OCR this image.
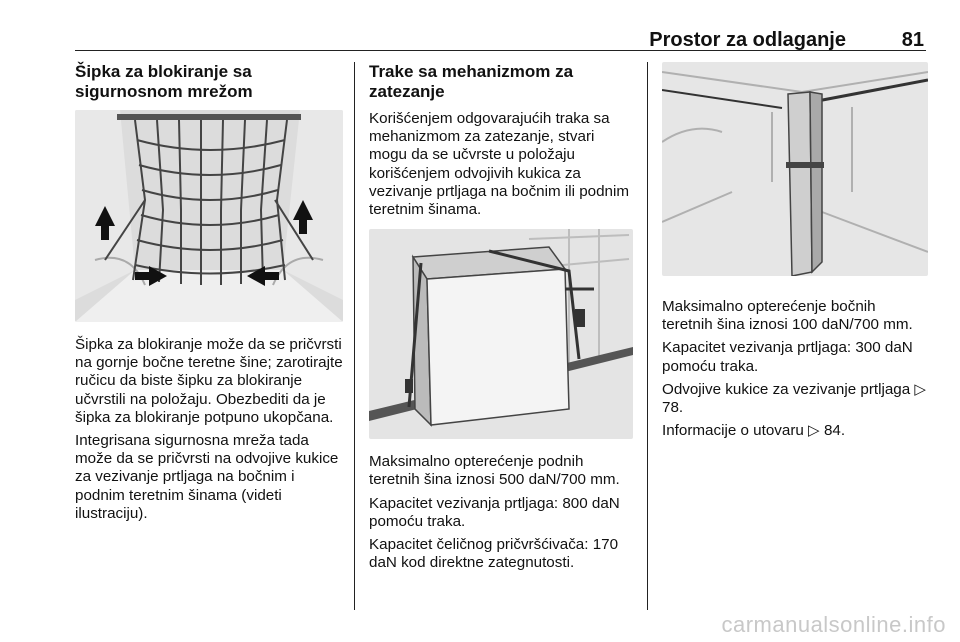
Prostor za odlaganje	81
Šipka za blokiranje sa sigurnosnom mrežom
Šipka za blokiranje može da se pričvrsti na gornje bočne teretne šine; zarotirajte ručicu da biste šipku za blokiranje učvrstili na položaju. Obezbediti da je šipka za blokiranje potpuno ukopčana.
Integrisana sigurnosna mreža tada može da se pričvrsti na odvojive kukice za vezivanje prtljaga na bočnim i podnim teretnim šinama (videti ilustraciju).
Trake sa mehanizmom za zatezanje
Korišćenjem odgovarajućih traka sa mehanizmom za zatezanje, stvari mogu da se učvrste u položaju korišćenjem odvojivih kukica za vezivanje prtljaga na bočnim ili podnim teretnim šinama.
Maksimalno opterećenje podnih teretnih šina iznosi 500 daN/700 mm.
Kapacitet vezivanja prtljaga: 800 daN pomoću traka.
Kapacitet čeličnog pričvršćivača: 170 daN kod direktne zategnutosti.
Maksimalno opterećenje bočnih teretnih šina iznosi 100 daN/700 mm.
Kapacitet vezivanja prtljaga: 300 daN pomoću traka.
Odvojive kukice za vezivanje prtljaga ▷ 78.
Informacije o utovaru ▷ 84.
carmanualsonline.info
